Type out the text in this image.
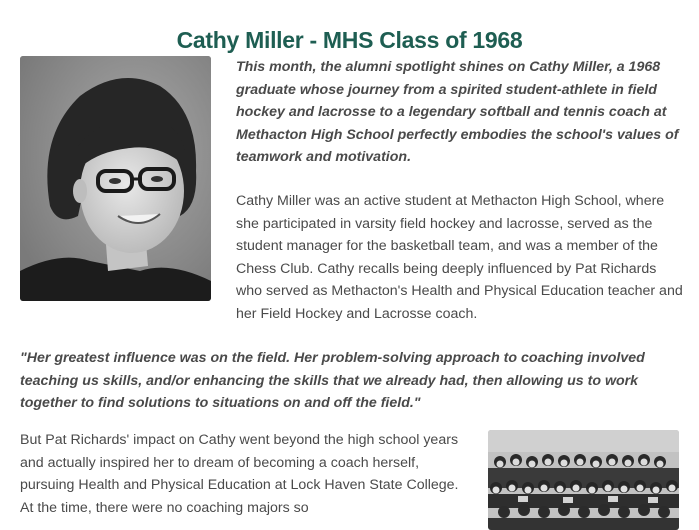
Cathy Miller - MHS Class of 1968

This month, the alumni spotlight shines on Cathy Miller, a 1968 graduate whose journey from a spirited student-athlete in field hockey and lacrosse to a legendary softball and tennis coach at Methacton High School perfectly embodies the school's values of teamwork and motivation.

Cathy Miller was an active student at Methacton High School, where she participated in varsity field hockey and lacrosse, served as the student manager for the basketball team, and was a member of the Chess Club. Cathy recalls being deeply influenced by Pat Richards who served as Methacton's Health and Physical Education teacher and her Field Hockey and Lacrosse coach.

"Her greatest influence was on the field. Her problem-solving approach to coaching involved teaching us skills, and/or enhancing the skills that we already had, then allowing us to work together to find solutions to situations on and off the field."

But Pat Richards' impact on Cathy went beyond the high school years and actually inspired her to dream of becoming a coach herself, pursuing Health and Physical Education at Lock Haven State College. At the time, there were no coaching majors so
